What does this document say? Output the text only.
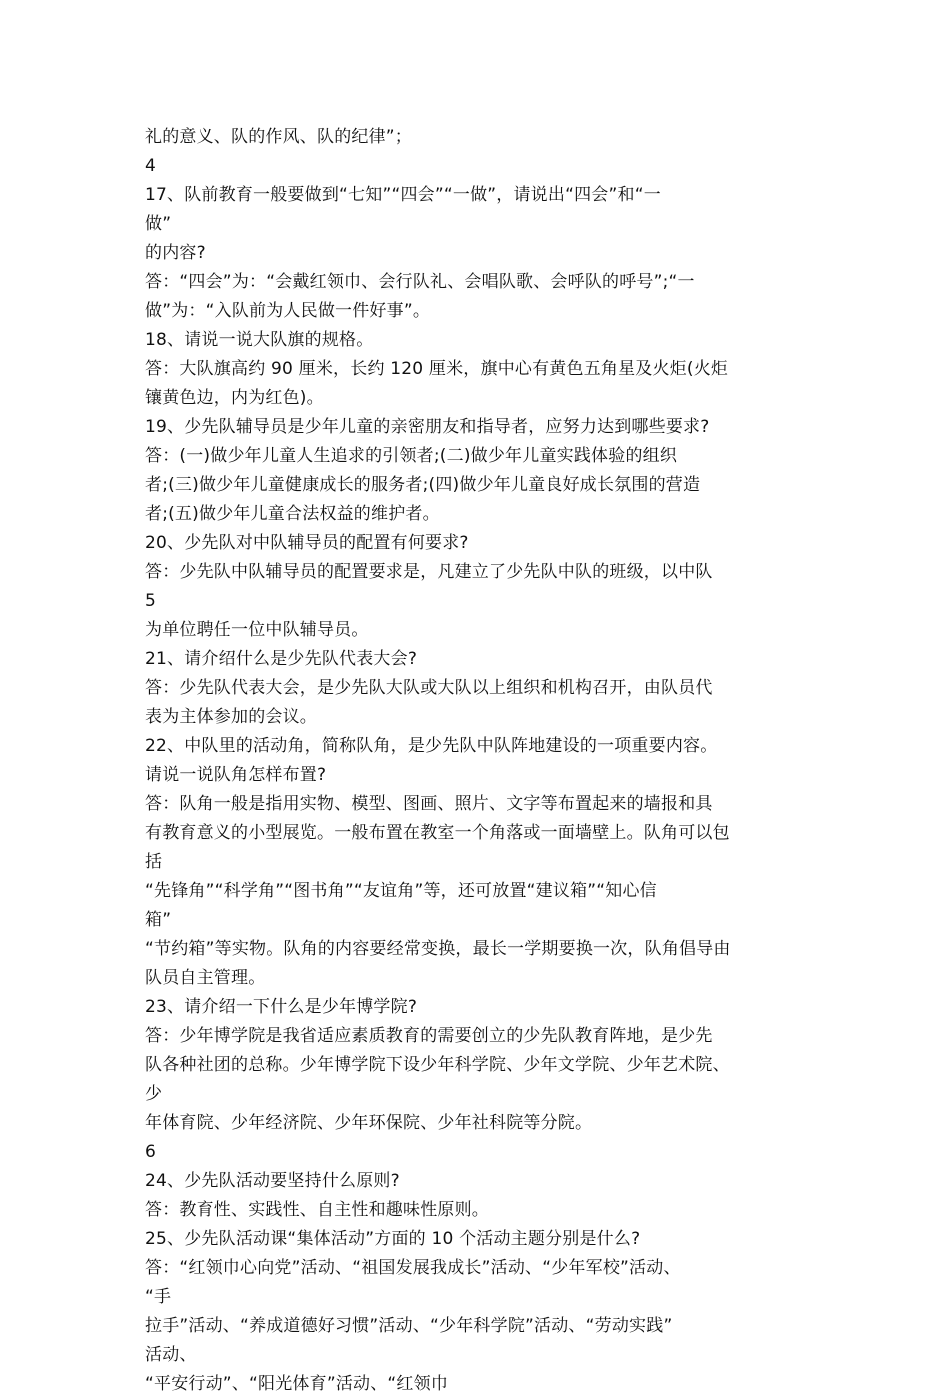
礼的意义、队的作风、队的纪律”；
4
17、队前教育一般要做到“七知”“四会”“一做”，请说出“四会”和“一
做”
的内容?
答：“四会”为：“会戴红领巾、会行队礼、会唱队歌、会呼队的呼号”;“一
做”为：“入队前为人民做一件好事”。
18、请说一说大队旗的规格。
答：大队旗高约 90 厘米，长约 120 厘米，旗中心有黄色五角星及火炬(火炬
镶黄色边，内为红色)。
19、少先队辅导员是少年儿童的亲密朋友和指导者，应努力达到哪些要求?
答：(一)做少年儿童人生追求的引领者;(二)做少年儿童实践体验的组织
者;(三)做少年儿童健康成长的服务者;(四)做少年儿童良好成长氛围的营造
者;(五)做少年儿童合法权益的维护者。
20、少先队对中队辅导员的配置有何要求?
答：少先队中队辅导员的配置要求是，凡建立了少先队中队的班级，以中队
5
为单位聘任一位中队辅导员。
21、请介绍什么是少先队代表大会?
答：少先队代表大会，是少先队大队或大队以上组织和机构召开，由队员代
表为主体参加的会议。
22、中队里的活动角，简称队角，是少先队中队阵地建设的一项重要内容。
请说一说队角怎样布置?
答：队角一般是指用实物、模型、图画、照片、文字等布置起来的墙报和具
有教育意义的小型展览。一般布置在教室一个角落或一面墙壁上。队角可以包
括
“先锋角”“科学角”“图书角”“友谊角”等，还可放置“建议箱”“知心信
箱”
“节约箱”等实物。队角的内容要经常变换，最长一学期要换一次，队角倡导由
队员自主管理。
23、请介绍一下什么是少年博学院?
答：少年博学院是我省适应素质教育的需要创立的少先队教育阵地，是少先
队各种社团的总称。少年博学院下设少年科学院、少年文学院、少年艺术院、
少
年体育院、少年经济院、少年环保院、少年社科院等分院。
6
24、少先队活动要坚持什么原则?
答：教育性、实践性、自主性和趣味性原则。
25、少先队活动课“集体活动”方面的 10 个活动主题分别是什么?
答：“红领巾心向党”活动、“祖国发展我成长”活动、“少年军校”活动、
“手
拉手”活动、“养成道德好习惯”活动、“少年科学院”活动、“劳动实践”
活动、
“平安行动”、“阳光体育”活动、“红领巾
